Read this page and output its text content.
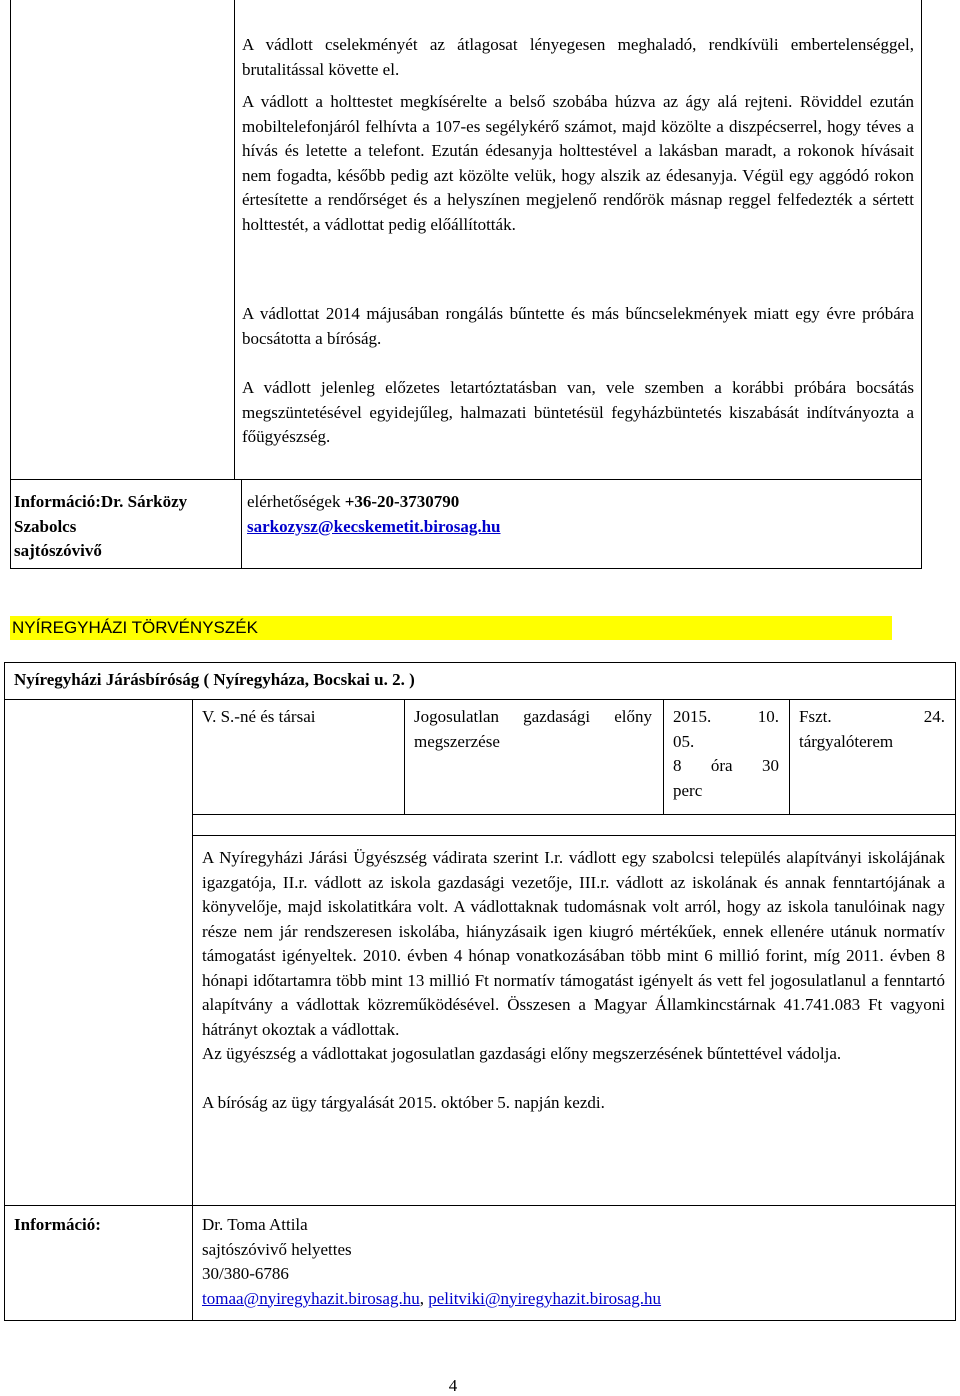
A vádlott cselekményét az átlagosat lényegesen meghaladó, rendkívüli embertelenséggel, brutalitással követte el.

A vádlott a holttestet megkísérelte a belső szobába húzva az ágy alá rejteni. Röviddel ezután mobiltelefonjáról felhívta a 107-es segélykérő számot, majd közölte a diszpécserrel, hogy téves a hívás és letette a telefont. Ezután édesanyja holttestével a lakásban maradt, a rokonok hívásait nem fogadta, később pedig azt közölte velük, hogy alszik az édesanyja. Végül egy aggódó rokon értesítette a rendőrséget és a helyszínen megjelenő rendőrök másnap reggel felfedezték a sértett holttestét, a vádlottat pedig előállították.

A vádlottat 2014 májusában rongálás bűntette és más bűncselekmények miatt egy évre próbára bocsátotta a bíróság.

A vádlott jelenleg előzetes letartóztatásban van, vele szemben a korábbi próbára bocsátás megszüntetésével egyidejűleg, halmazati büntetésül fegyházbüntetés kiszabását indítványozta a főügyészség.

Információ:Dr. Sárközy
Szabolcs
sajtószóvivő
elérhetőségek +36-20-3730790
sarkozysz@kecskemetit.birosag.hu
NYÍREGYHÁZI TÖRVÉNYSZÉK
Nyíregyházi Járásbíróság ( Nyíregyháza, Bocskai u. 2. )
V. S.-né és társai	Jogosulatlan gazdasági előny megszerzése
2015. 10.
05.
8 óra 30
perc
Fszt. 24.
tárgyalóterem

A Nyíregyházi Járási Ügyészség vádirata szerint I.r. vádlott egy szabolcsi település alapítványi iskolájának igazgatója, II.r. vádlott az iskola gazdasági vezetője, III.r. vádlott az iskolának és annak fenntartójának a könyvelője, majd iskolatitkára volt. A vádlottaknak tudomásnak volt arról, hogy az iskola tanulóinak nagy része nem jár rendszeresen iskolába, hiányzásaik igen kiugró mértékűek, ennek ellenére utánuk normatív támogatást igényeltek. 2010. évben 4 hónap vonatkozásában több mint 6 millió forint, míg 2011. évben 8 hónapi időtartamra több mint 13 millió Ft normatív támogatást igényelt ás vett fel jogosulatlanul a fenntartó alapítvány a vádlottak közreműködésével. Összesen a Magyar Államkincstárnak 41.741.083 Ft vagyoni hátrányt okoztak a vádlottak.

Az ügyészség a vádlottakat jogosulatlan gazdasági előny megszerzésének bűntettével vádolja.

A bíróság az ügy tárgyalását 2015. október 5. napján kezdi.

Információ:	Dr. Toma Attila
sajtószóvivő helyettes
30/380-6786
tomaa@nyiregyhazit.birosag.hu, pelitviki@nyiregyhazit.birosag.hu
4
